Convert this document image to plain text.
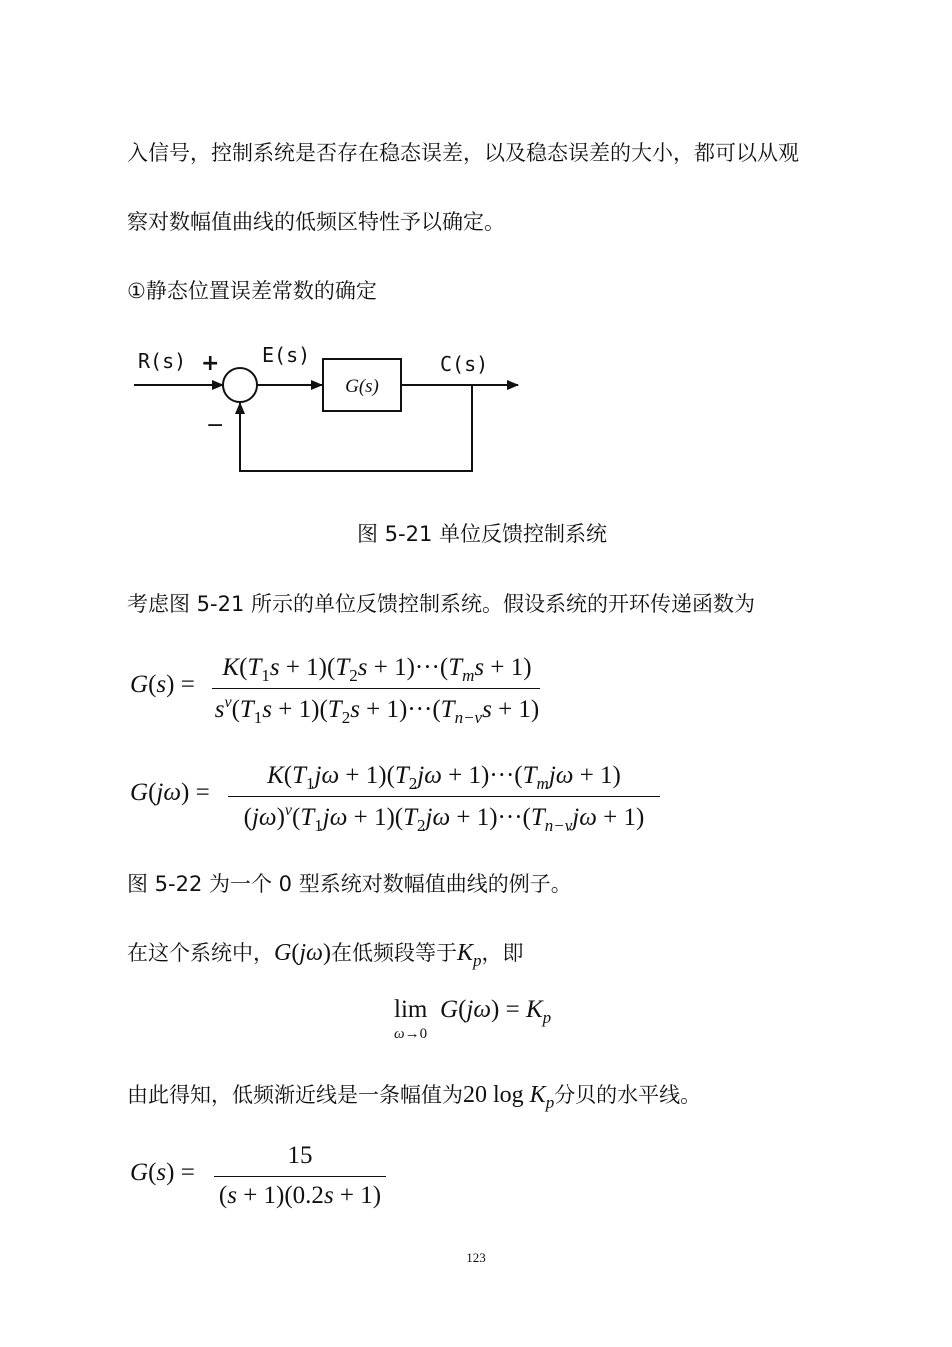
入信号，控制系统是否存在稳态误差，以及稳态误差的大小，都可以从观
察对数幅值曲线的低频区特性予以确定。
①静态位置误差常数的确定
R(s) +
−
E(s)
G(s)
C(s)
图 5-21 单位反馈控制系统
考虑图 5-21 所示的单位反馈控制系统。假设系统的开环传递函数为
G(s) =
$K(T_1s + 1)(T_2s + 1)\cdot\cdot\cdot(T_ms + 1)$
$s^\nu(T_1s + 1)(T_2s + 1)\cdot\cdot\cdot(T_{n-\nu}s + 1)$
G(jω) =
$K(T_1j\omega + 1)(T_2j\omega + 1)\cdot\cdot\cdot(T_mj\omega + 1)$
$(j\omega)^\nu(T_1j\omega + 1)(T_2j\omega + 1)\cdot\cdot\cdot(T_{n-\nu}j\omega + 1)$
图 5-22 为一个 0 型系统对数幅值曲线的例子。
在这个系统中，G(jω)在低频段等于$K_p$，即
lim
ω→0
$G(j\omega) = K_p$
由此得知，低频渐近线是一条幅值为20 $\log K_p$分贝的水平线。
G(s) =
15
(s + 1)(0.2s + 1)
123
